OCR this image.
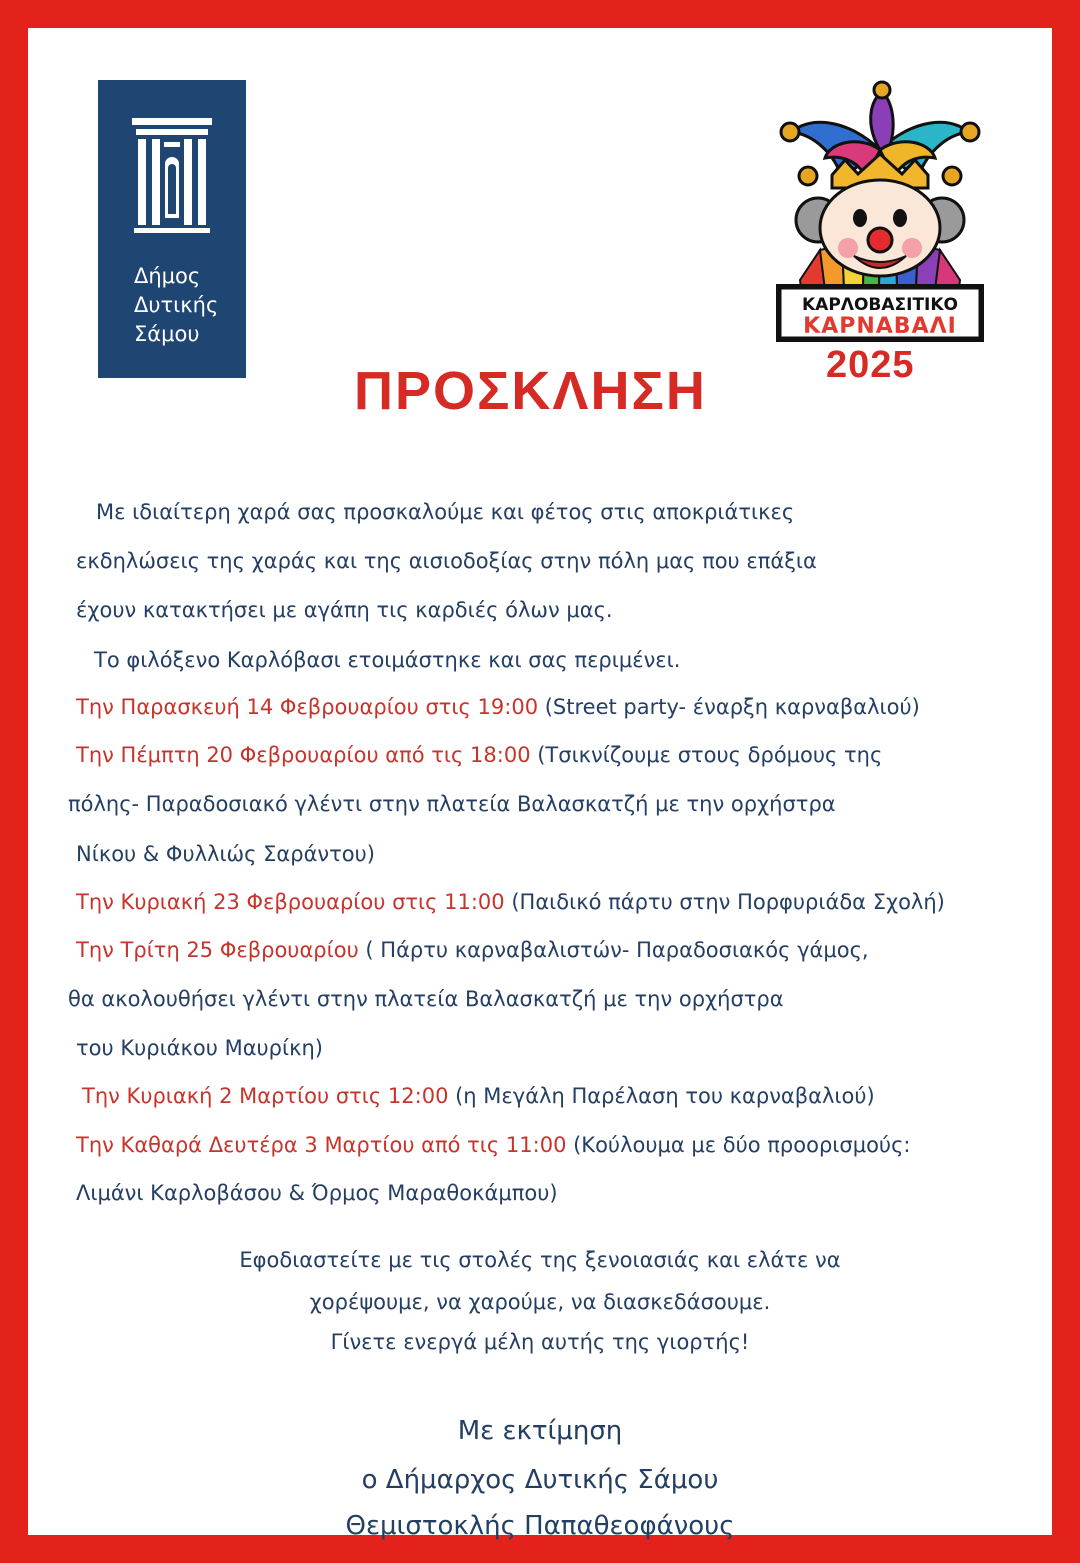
Δήμος
Δυτικής
Σάμου
ΚΑΡΛΟΒΑΣΙΤΙΚΟ
ΚΑΡΝΑΒΑΛΙ
2025
ΠΡΟΣΚΛΗΣΗ
Με ιδιαίτερη χαρά σας προσκαλούμε και φέτος στις αποκριάτικες
εκδηλώσεις της χαράς και της αισιοδοξίας στην πόλη μας που επάξια
έχουν κατακτήσει με αγάπη τις καρδιές όλων μας.
Το φιλόξενο Καρλόβασι ετοιμάστηκε και σας περιμένει.
Την Παρασκευή 14 Φεβρουαρίου στις 19:00 (Street party- έναρξη καρναβαλιού)
Την Πέμπτη 20 Φεβρουαρίου από τις 18:00 (Τσικνίζουμε στους δρόμους της
πόλης- Παραδοσιακό γλέντι στην πλατεία Βαλασκατζή με την ορχήστρα
Νίκου & Φυλλιώς Σαράντου)
Την Κυριακή 23 Φεβρουαρίου στις 11:00 (Παιδικό πάρτυ στην Πορφυριάδα Σχολή)
Την Τρίτη 25 Φεβρουαρίου ( Πάρτυ καρναβαλιστών- Παραδοσιακός γάμος,
θα ακολουθήσει γλέντι στην πλατεία Βαλασκατζή με την ορχήστρα
του Κυριάκου Μαυρίκη)
Την Κυριακή 2 Μαρτίου στις 12:00 (η Μεγάλη Παρέλαση του καρναβαλιού)
Την Καθαρά Δευτέρα 3 Μαρτίου από τις 11:00 (Κούλουμα με δύο προορισμούς:
Λιμάνι Καρλοβάσου & Όρμος Μαραθοκάμπου)
Εφοδιαστείτε με τις στολές της ξενοιασιάς και ελάτε να
χορέψουμε, να χαρούμε, να διασκεδάσουμε.
Γίνετε ενεργά μέλη αυτής της γιορτής!
Με εκτίμηση
ο Δήμαρχος Δυτικής Σάμου
Θεμιστοκλής Παπαθεοφάνους
